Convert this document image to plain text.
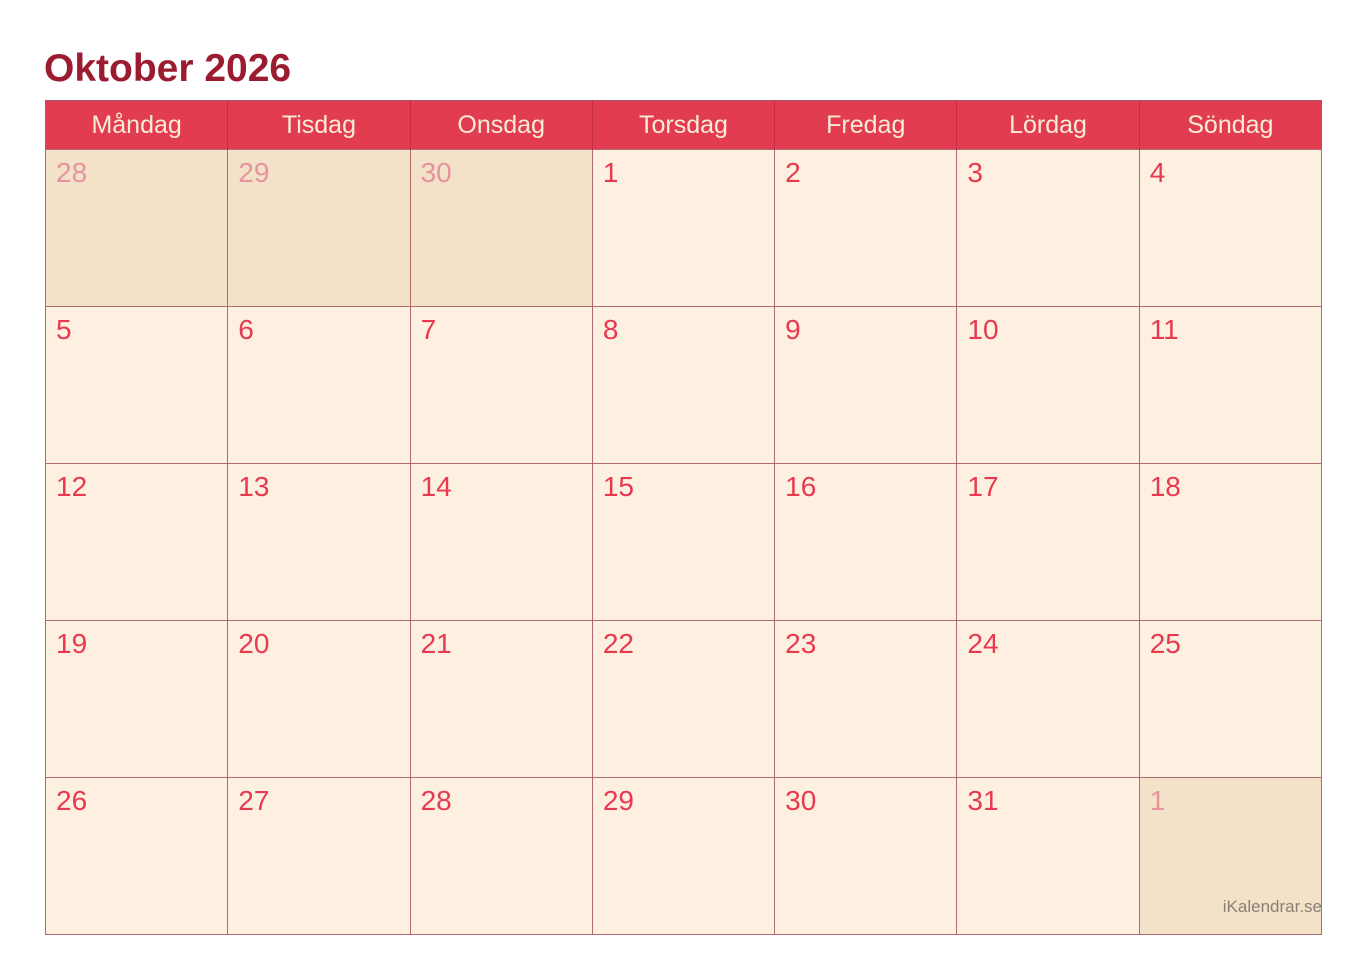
Oktober 2026
Måndag	Tisdag	Onsdag	Torsdag	Fredag	Lördag	Söndag
28	29	30	1	2	3	4
5	6	7	8	9	10	11
12	13	14	15	16	17	18
19	20	21	22	23	24	25
26	27	28	29	30	31	1
iKalendrar.se
